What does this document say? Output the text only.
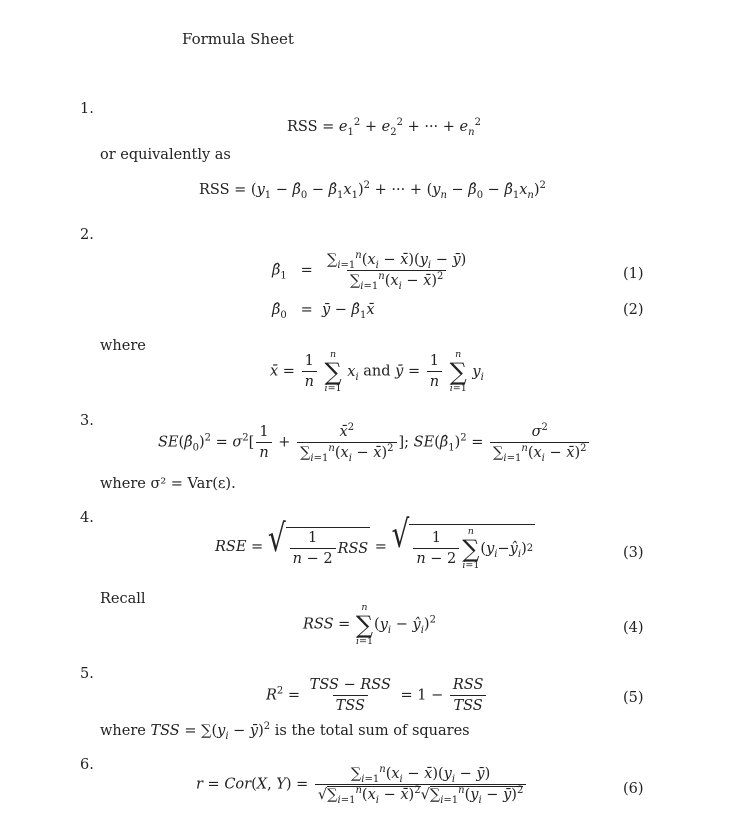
Formula Sheet
1.
RSS = $e_1^2 + e_2^2$ + ··· + $e_n^2$
or equivalently as
RSS = ($y_1$ − $\betâ_0$ − $\betâ_1x_1)^2$ + ··· + ($y_n$ − $\betâ_0$ − $\betâ_1x_n)^2$
2.
$\betâ_1 = \frac{\sum_{i=1}^n(x_i - x̄)(y_i - ȳ)}{\sum_{i=1}^n(x_i - x̄)^2}$	(1)
$\betâ_0$   =  ȳ − $\betâ_1x̄$	(2)
where
x̄ = $\frac{1}{n}$
n
∑
i=1
$x_i$ and ȳ = $\frac{1}{n}$
n
∑
i=1
$y_i$
3.
$SE(\betâ_0)^2 = \sigma^2[ \frac{1}{n} + \frac{x̄^2}{\sum_{i=1}^n(x_i - x̄)^2}$ ]; $SE(\betâ_1)^2 = \frac{\sigma^2}{\sum_{i=1}^n(x_i - x̄)^2}$
where σ² = Var(ε).
4.
RSE = √ $\frac{1}{n - 2}$ RSS = √ $\frac{1}{n - 2}$ n
∑
i=1
( $y_i$ − $ŷ_i$ ) 2	(3)
Recall
RSS =
n
∑
i=1
($y_i$ − $ŷ_i)^2$	(4)
5.
$R^2 = \frac{\text{TSS − RSS}}{\text{TSS}} = 1 - \frac{\text{RSS}}{\text{TSS}}$	(5)
where TSS = $\sum(y_i$ − ȳ)$^2$ is the total sum of squares
6.
r = Cor(X, $Y) = \frac{\sum_{i=1}^n(x_i - x̄)(y_i - ȳ)}{√\sum_{i=1}^n(x_i - x̄)^2√\sum_{i=1}^n(y_i - ȳ)^2}$	(6)
